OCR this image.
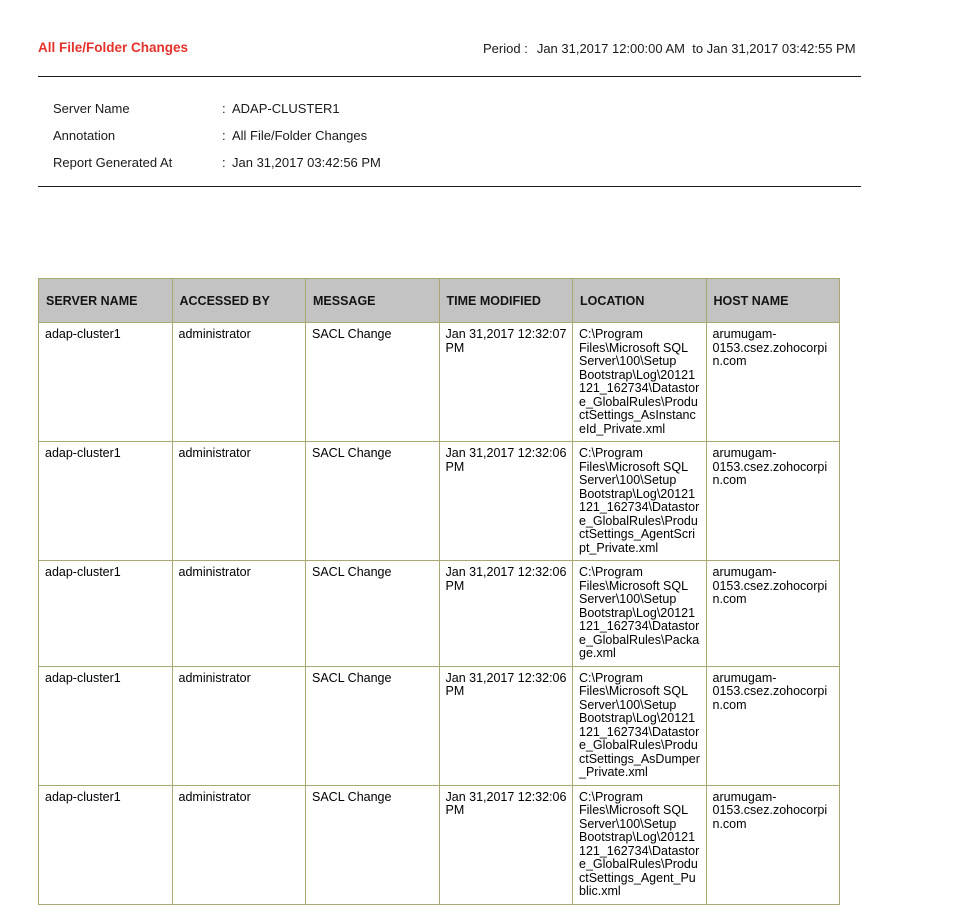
All File/Folder Changes	Period : Jan 31,2017 12:00:00 AM  to Jan 31,2017 03:42:55 PM
Server Name	: ADAP-CLUSTER1
Annotation	: All File/Folder Changes
Report Generated At	: Jan 31,2017 03:42:56 PM
SERVER NAME	ACCESSED BY	MESSAGE	TIME MODIFIED	LOCATION	HOST NAME
adap-cluster1	administrator	SACL Change	Jan 31,2017 12:32:07 PM	C:\Program Files\Microsoft SQL Server\100\Setup Bootstrap\Log\20121121_162734\Datastore_GlobalRules\ProductSettings_AsInstanceId_Private.xml	arumugam-0153.csez.zohocorpin.com
adap-cluster1	administrator	SACL Change	Jan 31,2017 12:32:06 PM	C:\Program Files\Microsoft SQL Server\100\Setup Bootstrap\Log\20121121_162734\Datastore_GlobalRules\ProductSettings_AgentScript_Private.xml	arumugam-0153.csez.zohocorpin.com
adap-cluster1	administrator	SACL Change	Jan 31,2017 12:32:06 PM	C:\Program Files\Microsoft SQL Server\100\Setup Bootstrap\Log\20121121_162734\Datastore_GlobalRules\Package.xml	arumugam-0153.csez.zohocorpin.com
adap-cluster1	administrator	SACL Change	Jan 31,2017 12:32:06 PM	C:\Program Files\Microsoft SQL Server\100\Setup Bootstrap\Log\20121121_162734\Datastore_GlobalRules\ProductSettings_AsDumper_Private.xml	arumugam-0153.csez.zohocorpin.com
adap-cluster1	administrator	SACL Change	Jan 31,2017 12:32:06 PM	C:\Program Files\Microsoft SQL Server\100\Setup Bootstrap\Log\20121121_162734\Datastore_GlobalRules\ProductSettings_Agent_Public.xml	arumugam-0153.csez.zohocorpin.com
